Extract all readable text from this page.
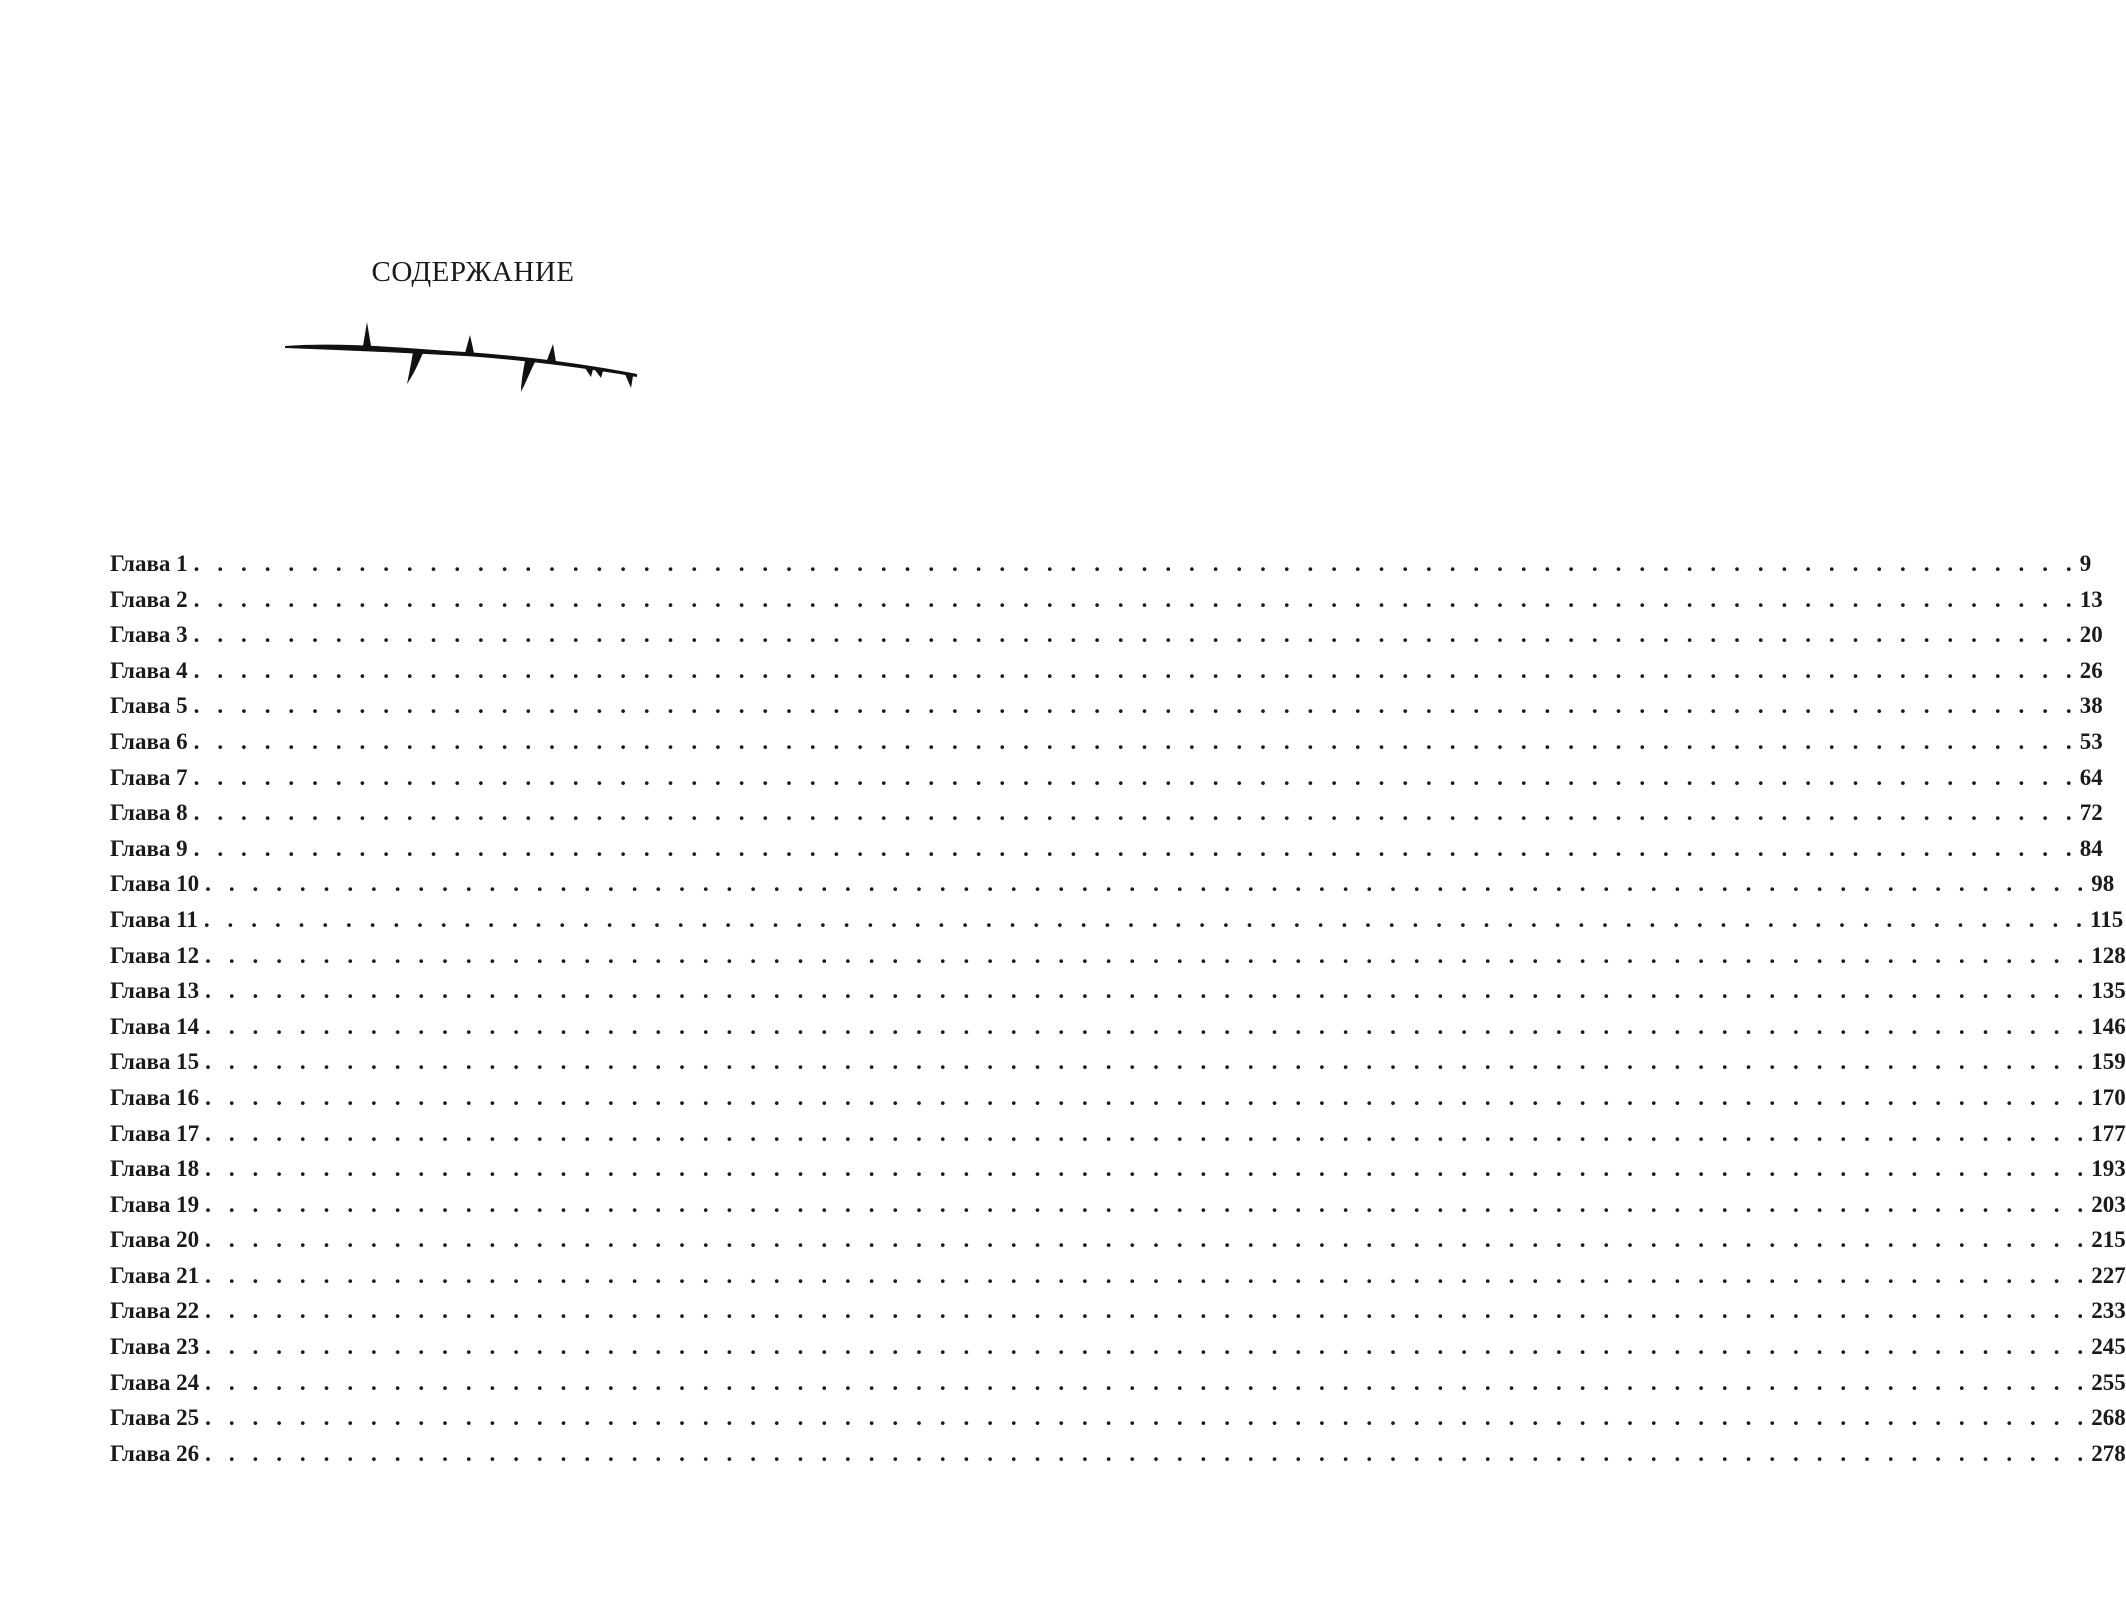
СОДЕРЖАНИЕ
Глава 1 . . . . . . . . . . . . . . . . . . . . . . . . . . . . . . . . . . . . . . . . . . . . . . . . . . . . . . . . . . . . . . . . . . . . . . . . . . . . . . . . 9
Глава 2 . . . . . . . . . . . . . . . . . . . . . . . . . . . . . . . . . . . . . . . . . . . . . . . . . . . . . . . . . . . . . . . . . . . . . . . . . . . . . . . . 13
Глава 3 . . . . . . . . . . . . . . . . . . . . . . . . . . . . . . . . . . . . . . . . . . . . . . . . . . . . . . . . . . . . . . . . . . . . . . . . . . . . . . . . 20
Глава 4 . . . . . . . . . . . . . . . . . . . . . . . . . . . . . . . . . . . . . . . . . . . . . . . . . . . . . . . . . . . . . . . . . . . . . . . . . . . . . . . . 26
Глава 5 . . . . . . . . . . . . . . . . . . . . . . . . . . . . . . . . . . . . . . . . . . . . . . . . . . . . . . . . . . . . . . . . . . . . . . . . . . . . . . . . 38
Глава 6 . . . . . . . . . . . . . . . . . . . . . . . . . . . . . . . . . . . . . . . . . . . . . . . . . . . . . . . . . . . . . . . . . . . . . . . . . . . . . . . . 53
Глава 7 . . . . . . . . . . . . . . . . . . . . . . . . . . . . . . . . . . . . . . . . . . . . . . . . . . . . . . . . . . . . . . . . . . . . . . . . . . . . . . . . 64
Глава 8 . . . . . . . . . . . . . . . . . . . . . . . . . . . . . . . . . . . . . . . . . . . . . . . . . . . . . . . . . . . . . . . . . . . . . . . . . . . . . . . . 72
Глава 9 . . . . . . . . . . . . . . . . . . . . . . . . . . . . . . . . . . . . . . . . . . . . . . . . . . . . . . . . . . . . . . . . . . . . . . . . . . . . . . . . 84
Глава 10 . . . . . . . . . . . . . . . . . . . . . . . . . . . . . . . . . . . . . . . . . . . . . . . . . . . . . . . . . . . . . . . . . . . . . . . . . . . . . . . . 98
Глава 11 . . . . . . . . . . . . . . . . . . . . . . . . . . . . . . . . . . . . . . . . . . . . . . . . . . . . . . . . . . . . . . . . . . . . . . . . . . . . . . . . 115
Глава 12 . . . . . . . . . . . . . . . . . . . . . . . . . . . . . . . . . . . . . . . . . . . . . . . . . . . . . . . . . . . . . . . . . . . . . . . . . . . . . . . . 128
Глава 13 . . . . . . . . . . . . . . . . . . . . . . . . . . . . . . . . . . . . . . . . . . . . . . . . . . . . . . . . . . . . . . . . . . . . . . . . . . . . . . . . 135
Глава 14 . . . . . . . . . . . . . . . . . . . . . . . . . . . . . . . . . . . . . . . . . . . . . . . . . . . . . . . . . . . . . . . . . . . . . . . . . . . . . . . . 146
Глава 15 . . . . . . . . . . . . . . . . . . . . . . . . . . . . . . . . . . . . . . . . . . . . . . . . . . . . . . . . . . . . . . . . . . . . . . . . . . . . . . . . 159
Глава 16 . . . . . . . . . . . . . . . . . . . . . . . . . . . . . . . . . . . . . . . . . . . . . . . . . . . . . . . . . . . . . . . . . . . . . . . . . . . . . . . . 170
Глава 17 . . . . . . . . . . . . . . . . . . . . . . . . . . . . . . . . . . . . . . . . . . . . . . . . . . . . . . . . . . . . . . . . . . . . . . . . . . . . . . . . 177
Глава 18 . . . . . . . . . . . . . . . . . . . . . . . . . . . . . . . . . . . . . . . . . . . . . . . . . . . . . . . . . . . . . . . . . . . . . . . . . . . . . . . . 193
Глава 19 . . . . . . . . . . . . . . . . . . . . . . . . . . . . . . . . . . . . . . . . . . . . . . . . . . . . . . . . . . . . . . . . . . . . . . . . . . . . . . . . 203
Глава 20 . . . . . . . . . . . . . . . . . . . . . . . . . . . . . . . . . . . . . . . . . . . . . . . . . . . . . . . . . . . . . . . . . . . . . . . . . . . . . . . . 215
Глава 21 . . . . . . . . . . . . . . . . . . . . . . . . . . . . . . . . . . . . . . . . . . . . . . . . . . . . . . . . . . . . . . . . . . . . . . . . . . . . . . . . 227
Глава 22 . . . . . . . . . . . . . . . . . . . . . . . . . . . . . . . . . . . . . . . . . . . . . . . . . . . . . . . . . . . . . . . . . . . . . . . . . . . . . . . . 233
Глава 23 . . . . . . . . . . . . . . . . . . . . . . . . . . . . . . . . . . . . . . . . . . . . . . . . . . . . . . . . . . . . . . . . . . . . . . . . . . . . . . . . 245
Глава 24 . . . . . . . . . . . . . . . . . . . . . . . . . . . . . . . . . . . . . . . . . . . . . . . . . . . . . . . . . . . . . . . . . . . . . . . . . . . . . . . . 255
Глава 25 . . . . . . . . . . . . . . . . . . . . . . . . . . . . . . . . . . . . . . . . . . . . . . . . . . . . . . . . . . . . . . . . . . . . . . . . . . . . . . . . 268
Глава 26 . . . . . . . . . . . . . . . . . . . . . . . . . . . . . . . . . . . . . . . . . . . . . . . . . . . . . . . . . . . . . . . . . . . . . . . . . . . . . . . . 278
